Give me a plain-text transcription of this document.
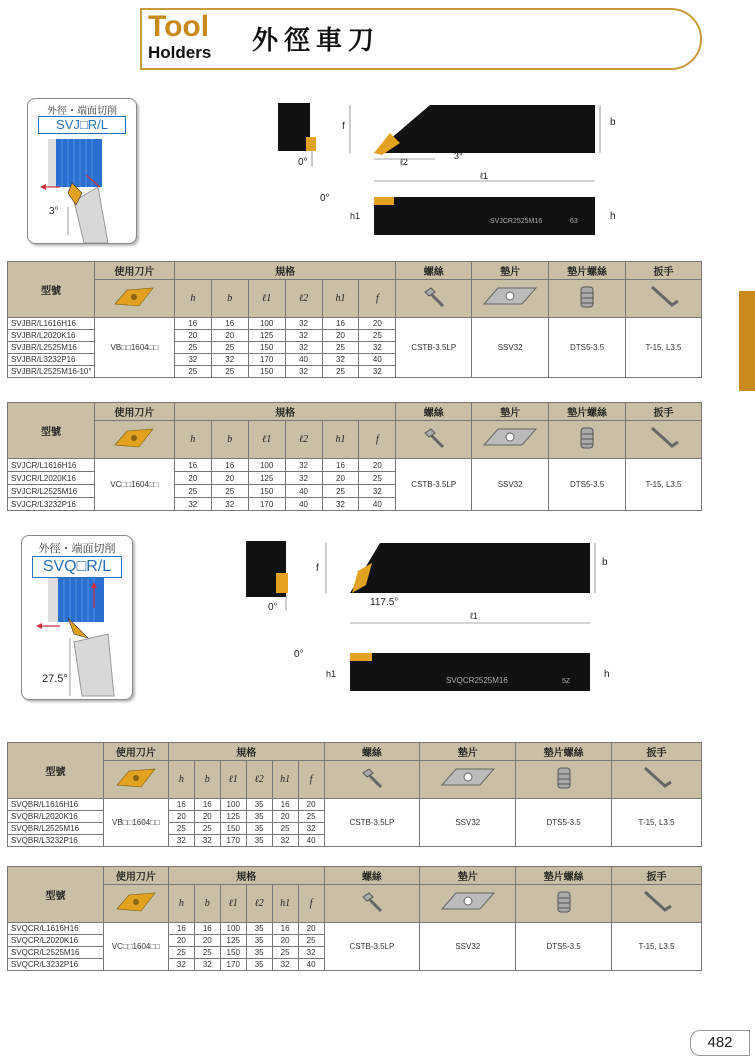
Tool
Holders 外徑車刀
外徑・端面切削
SVJ□R/L
3°
0°
f	b
ℓ2
3°
ℓ1
0°
SVJCR2525M16	63
h1	h
型號	使用刀片	規格						螺絲	墊片	墊片螺絲	扳手
	h	b	ℓ1	ℓ2	h1	f				
SVJBR/L1616H16	VB□□1604□□	16	16	100	32	16	20	CSTB-3.5LP	SSV32	DTS5-3.5	T-15, L3.5
SVJBR/L2020K16		20	20	125	32	20	25				
SVJBR/L2525M16		25	25	150	32	25	32				
SVJBR/L3232P16		32	32	170	40	32	40				
SVJBR/L2525M16-10°		25	25	150	32	25	32				
型號	使用刀片	規格						螺絲	墊片	墊片螺絲	扳手
	h	b	ℓ1	ℓ2	h1	f				
SVJCR/L1616H16	VC□□1604□□	16	16	100	32	16	20	CSTB-3.5LP	SSV32	DTS5-3.5	T-15, L3.5
SVJCR/L2020K16		20	20	125	32	20	25				
SVJCR/L2525M16		25	25	150	40	25	32				
SVJCR/L3232P16		32	32	170	40	32	40				
外徑・端面切削
SVQ□R/L
27.5°
0°
f
b
117.5°
ℓ1
0°
SVQCR2525M16	5Z
h1	h
型號	使用刀片	規格						螺絲	墊片	墊片螺絲	扳手
	h	b	ℓ1	ℓ2	h1	f				
SVQBR/L1616H16	VB□□1604□□	16	16	100	35	16	20	CSTB-3.5LP	SSV32	DTS5-3.5	T-15, L3.5
SVQBR/L2020K16		20	20	125	35	20	25				
SVQBR/L2525M16		25	25	150	35	25	32				
SVQBR/L3232P16		32	32	170	35	32	40				
型號	使用刀片	規格						螺絲	墊片	墊片螺絲	扳手
	h	b	ℓ1	ℓ2	h1	f				
SVQCR/L1616H16	VC□□1604□□	16	16	100	35	16	20	CSTB-3.5LP	SSV32	DTS5-3.5	T-15, L3.5
SVQCR/L2020K16		20	20	125	35	20	25				
SVQCR/L2525M16		25	25	150	35	25	32				
SVQCR/L3232P16		32	32	170	35	32	40				
482
